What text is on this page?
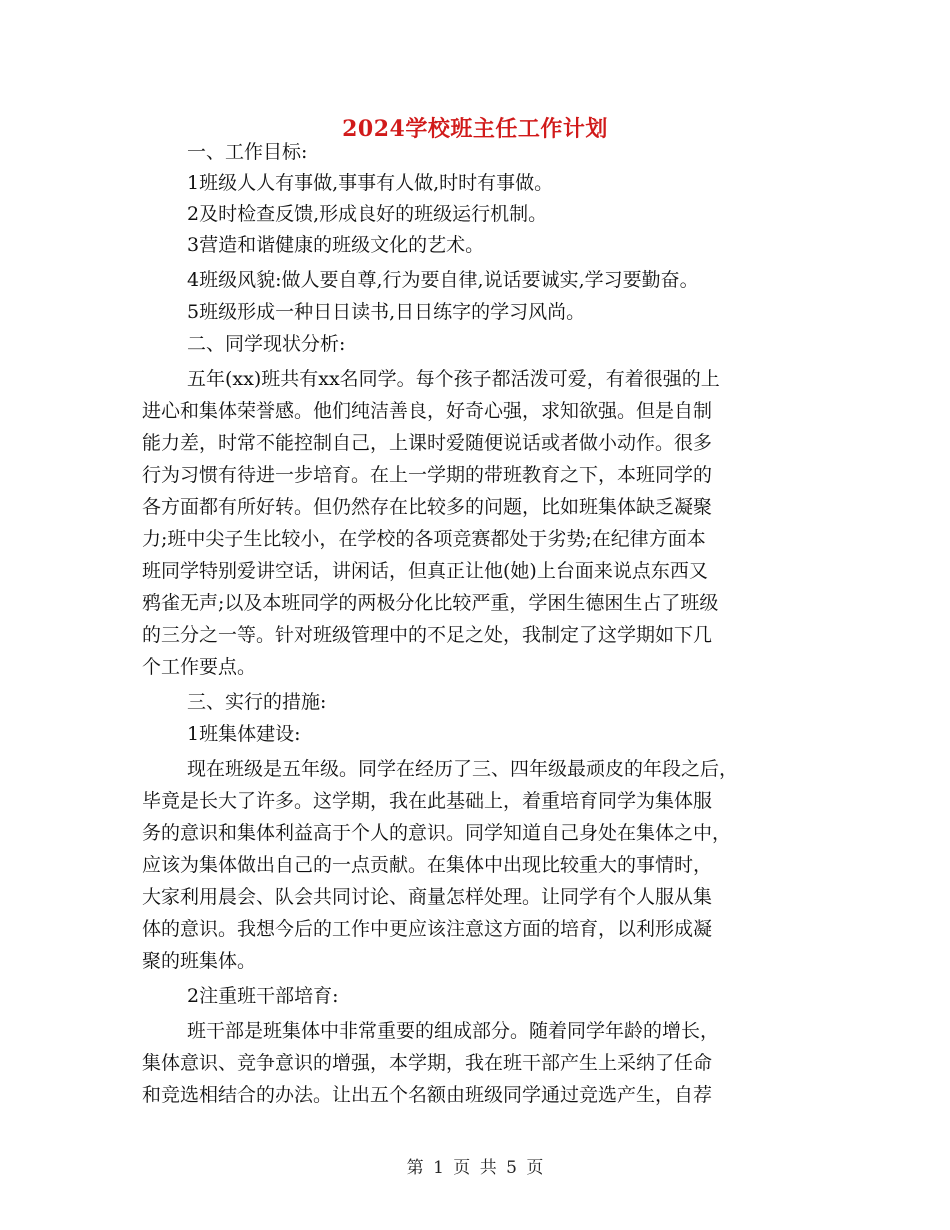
2024学校班主任工作计划
一、工作目标:
1班级人人有事做,事事有人做,时时有事做。
2及时检查反馈,形成良好的班级运行机制。
3营造和谐健康的班级文化的艺术。
4班级风貌:做人要自尊,行为要自律,说话要诚实,学习要勤奋。
5班级形成一种日日读书,日日练字的学习风尚。
二、同学现状分析:
五年(xx)班共有xx名同学。每个孩子都活泼可爱，有着很强的上
进心和集体荣誉感。他们纯洁善良，好奇心强，求知欲强。但是自制
能力差，时常不能控制自己，上课时爱随便说话或者做小动作。很多
行为习惯有待进一步培育。在上一学期的带班教育之下，本班同学的
各方面都有所好转。但仍然存在比较多的问题，比如班集体缺乏凝聚
力;班中尖子生比较小，在学校的各项竞赛都处于劣势;在纪律方面本
班同学特别爱讲空话，讲闲话，但真正让他(她)上台面来说点东西又
鸦雀无声;以及本班同学的两极分化比较严重，学困生德困生占了班级
的三分之一等。针对班级管理中的不足之处，我制定了这学期如下几
个工作要点。
三、实行的措施:
1班集体建设:
现在班级是五年级。同学在经历了三、四年级最顽皮的年段之后，
毕竟是长大了许多。这学期，我在此基础上，着重培育同学为集体服
务的意识和集体利益高于个人的意识。同学知道自己身处在集体之中，
应该为集体做出自己的一点贡献。在集体中出现比较重大的事情时，
大家利用晨会、队会共同讨论、商量怎样处理。让同学有个人服从集
体的意识。我想今后的工作中更应该注意这方面的培育，以利形成凝
聚的班集体。
2注重班干部培育:
班干部是班集体中非常重要的组成部分。随着同学年龄的增长，
集体意识、竞争意识的增强，本学期，我在班干部产生上采纳了任命
和竞选相结合的办法。让出五个名额由班级同学通过竞选产生，自荐
第 1 页 共 5 页
